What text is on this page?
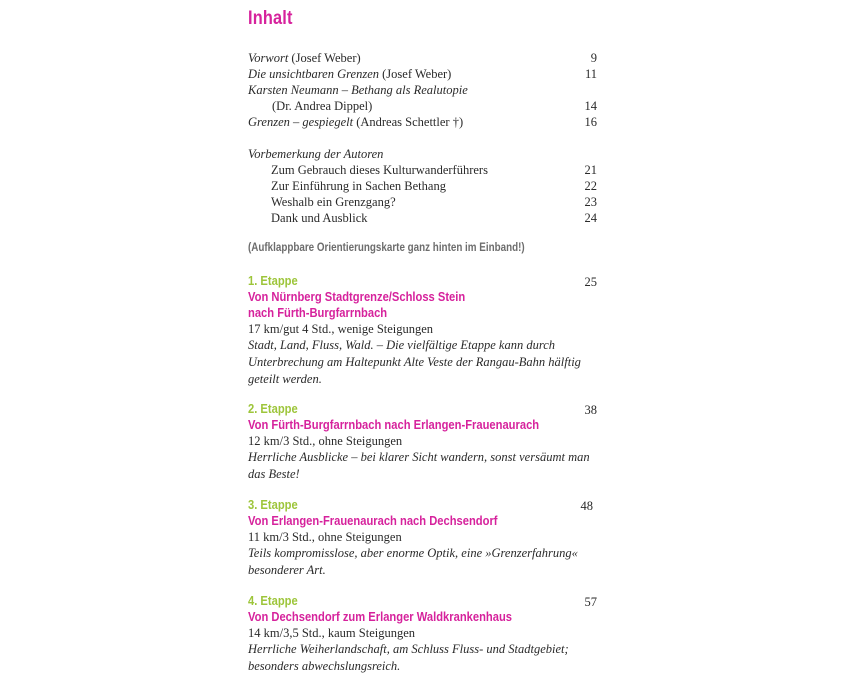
Inhalt
Vorwort (Josef Weber)	9
Die unsichtbaren Grenzen (Josef Weber)	11
Karsten Neumann – Bethang als Realutopie
(Dr. Andrea Dippel)	14
Grenzen – gespiegelt (Andreas Schettler †)	16
Vorbemerkung der Autoren
Zum Gebrauch dieses Kulturwanderführers	21
Zur Einführung in Sachen Bethang	22
Weshalb ein Grenzgang?	23
Dank und Ausblick	24
(Aufklappbare Orientierungskarte ganz hinten im Einband!)
1. Etappe	25
Von Nürnberg Stadtgrenze/Schloss Stein
nach Fürth-Burgfarrnbach
17 km/gut 4 Std., wenige Steigungen
Stadt, Land, Fluss, Wald. – Die vielfältige Etappe kann durch Unterbrechung am Haltepunkt Alte Veste der Rangau-Bahn hälftig geteilt werden.
2. Etappe	38
Von Fürth-Burgfarrnbach nach Erlangen-Frauenaurach
12 km/3 Std., ohne Steigungen
Herrliche Ausblicke – bei klarer Sicht wandern, sonst versäumt man das Beste!
3. Etappe	48
Von Erlangen-Frauenaurach nach Dechsendorf
11 km/3 Std., ohne Steigungen
Teils kompromisslose, aber enorme Optik, eine »Grenzerfahrung« besonderer Art.
4. Etappe	57
Von Dechsendorf zum Erlanger Waldkrankenhaus
14 km/3,5 Std., kaum Steigungen
Herrliche Weiherlandschaft, am Schluss Fluss- und Stadtgebiet; besonders abwechslungsreich.
